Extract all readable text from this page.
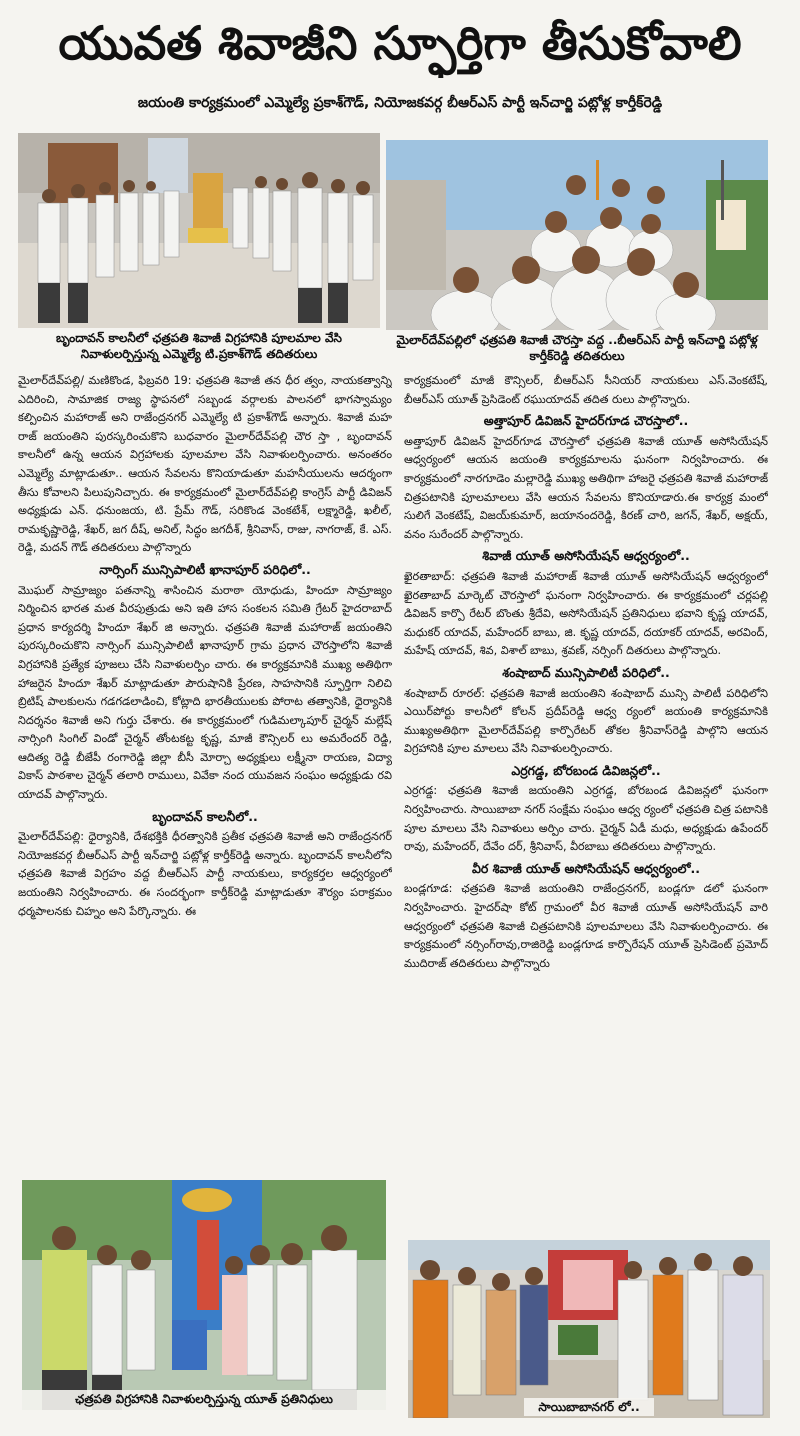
యువత శివాజీని స్ఫూర్తిగా తీసుకోవాలి
జయంతి కార్యక్రమంలో ఎమ్మెల్యే ప్రకాశ్‌గౌడ్, నియోజకవర్గ బీఆర్ఎస్ పార్టీ ఇన్‌చార్జి పట్లోళ్ల కార్తీక్‌రెడ్డి
బృందావన్ కాలనీలో ఛత్రపతి శివాజీ విగ్రహానికి పూలమాల వేసి నివాళులర్పిస్తున్న ఎమ్మెల్యే టి.ప్రకాశ్‌గౌడ్ తదితరులు
మైలార్‌దేవ్‌పల్లిలో ఛత్రపతి శివాజీ చౌరస్తా వద్ద ..బీఆర్ఎస్ పార్టీ ఇన్‌చార్జి పట్లోళ్ల కార్తీక్‌రెడ్డి తదితరులు

మైలార్‌దేవ్‌పల్లి/ మణికొండ, ఫిబ్రవరి 19: ఛత్రపతి శివాజీ తన ధీర త్వం, నాయకత్వాన్ని ఎదిరించి, సామాజిక రాజ్య స్థాపనలో సబ్బండ వర్గాలకు పాలనలో భాగస్వామ్యం కల్పించిన మహారాజ్ అని రాజేంద్రనగర్ ఎమ్మెల్యే టి ప్రకాశ్‌గౌడ్ అన్నారు. శివాజీ మహ రాజ్ జయంతిని పురస్కరించుకొని బుధవారం మైలార్‌దేవ్‌పల్లి చౌర స్తా , బృందావన్ కాలనీలో ఉన్న ఆయన విగ్రహాలకు పూలమాల వేసి నివాళులర్పించారు. అనంతరం ఎమ్మెల్యే మాట్లాడుతూ.. ఆయన సేవలను కొనియాడుతూ మహనీయులను ఆదర్శంగా తీసు కోవాలని పిలుపునిచ్చారు. ఈ కార్యక్రమంలో మైలార్‌దేవ్‌పల్లి కాంగ్రెస్ పార్టీ డివిజన్ అధ్యక్షుడు ఎన్. ధనుంజయ, టి. ప్రేమ్ గౌడ్, సరికొండ వెంకటేశ్, లక్ష్మారెడ్డి, ఖలీల్, రామకృష్ణారెడ్డి, శేఖర్, జగ దీష్, అనిల్, సిద్ధం జగదీశ్, శ్రీనివాస్, రాజు, నాగరాజ్, కే. ఎస్. రెడ్డి, మదన్ గౌడ్ తదితరులు పాల్గొన్నారు

నార్సింగ్ మున్సిపాలిటీ ఖానాపూర్ పరిధిలో..

మొఘల్ సామ్రాజ్యం పతనాన్ని శాసించిన మరాఠా యోధుడు, హిందూ సామ్రాజ్యం నిర్మించిన భారత మత వీరపుత్రుడు అని ఇతి హాస సంకలన సమితి గ్రేటర్ హైదరాబాద్ ప్రధాన కార్యదర్శి హిందూ శేఖర్ జి అన్నారు. ఛత్రపతి శివాజీ మహారాజ్ జయంతిని పురస్కరించుకొని నార్సింగ్ మున్సిపాలిటీ ఖానాపూర్ గ్రామ ప్రధాన చౌరస్తాలోని శివాజీ విగ్రహానికి ప్రత్యేక పూజలు చేసి నివాళులర్పిం చారు. ఈ కార్యక్రమానికి ముఖ్య అతిథిగా హాజరైన హిందూ శేఖర్ మాట్లాడుతూ పౌరుషానికి ప్రేరణ, సాహసానికి స్ఫూర్తిగా నిలిచి బ్రిటిష్ పాలకులను గడగడలాడించి, కోట్లాది భారతీయులకు పోరాట తత్వానికి, ధైర్యానికి నిదర్శనం శివాజీ అని గుర్తు చేశారు. ఈ కార్యక్రమంలో గుడిమల్కాపూర్ చైర్మన్ మల్లేష్ నార్సింగి సింగిల్ విండో చైర్మన్ తోంటకట్ట కృష్ణ, మాజీ కౌన్సిలర్ లు అమరేందర్ రెడ్డి, ఆదిత్య రెడ్డి బీజేపీ రంగారెడ్డి జిల్లా బీసీ మోర్చా అధ్యక్షులు లక్ష్మీనా రాయణ, విద్యా వికాస్ పాఠశాల చైర్మన్ తలారి రాములు, వివేకా నంద యువజన సంఘం అధ్యక్షుడు రవి యాదవ్ పాల్గొన్నారు.

బృందావన్ కాలనీలో..

మైలార్‌దేవ్‌పల్లి: ధైర్యానికి, దేశభక్తికి ధీరత్వానికి ప్రతీక ఛత్రపతి శివాజీ అని రాజేంద్రనగర్ నియోజకవర్గ బీఆర్ఎస్ పార్టీ ఇన్‌చార్జి పట్లోళ్ల కార్తీక్‌రెడ్డి అన్నారు. బృందావన్ కాలనీలోని ఛత్రపతి శివాజీ విగ్రహం వద్ద బీఆర్ఎస్ పార్టీ నాయకులు, కార్యకర్తల ఆధ్వర్యంలో జయంతిని నిర్వహించారు. ఈ సందర్భంగా కార్తీక్‌రెడ్డి మాట్లాడుతూ శౌర్యం పరాక్రమం ధర్మపాలనకు చిహ్నం అని పేర్కొన్నారు. ఈ

కార్యక్రమంలో మాజీ కౌన్సిలర్, బీఆర్ఎస్ సీనియర్ నాయకులు ఎస్.వెంకటేష్, బీఆర్ఎస్ యూత్ ప్రెసిడెంట్ రఘుయాదవ్ తదిత రులు పాల్గొన్నారు.

అత్తాపూర్ డివిజన్ హైదర్‌గూడ చౌరస్తాలో..

అత్తాపూర్ డివిజన్ హైదర్‌గూడ చౌరస్తాలో ఛత్రపతి శివాజీ యూత్ అసోసియేషన్ ఆధ్వర్యంలో ఆయన జయంతి కార్యక్రమాలను ఘనంగా నిర్వహించారు. ఈ కార్యక్రమంలో నారగూడెం మల్లారెడ్డి ముఖ్య అతిథిగా హాజరై ఛత్రపతి శివాజీ మహారాజ్ చిత్రపటానికి పూలమాలలు వేసి ఆయన సేవలను కొనియాడారు.ఈ కార్యక్ర మంలో సులిగే వెంకటేష్, విజయ్‌కుమార్, జయానందరెడ్డి, కిరణ్ చారి, జగన్, శేఖర్, అక్షయ్, వనం సురేందర్ పాల్గొన్నారు.

శివాజీ యూత్ అసోసియేషన్ ఆధ్వర్యంలో..

ఖైరతాబాద్: ఛత్రపతి శివాజీ మహారాజ్ శివాజీ యూత్ అసోసియేషన్ ఆధ్వర్యంలో ఖైరతాబాద్ మార్కెట్ చౌరస్తాలో ఘనంగా నిర్వహించారు. ఈ కార్యక్రమంలో చర్లపల్లి డివిజన్ కార్పొ రేటర్ బొంతు శ్రీదేవి, అసోసియేషన్ ప్రతినిధులు భవాని కృష్ణ యాదవ్, మధుకర్ యాదవ్, మహేందర్ బాబు, జి. కృష్ణ యాదవ్, దయాకర్ యాదవ్, అరవింద్, మహేష్ యాదవ్, శివ, విశాల్ బాబు, శ్రవణ్, నర్సింగ్ దితరులు పాల్గొన్నారు.

శంషాబాద్ మున్సిపాలిటీ పరిధిలో..

శంషాబాద్ రూరల్: ఛత్రపతి శివాజీ జయంతిని శంషాబాద్ మున్సి పాలిటీ పరిధిలోని ఎయిర్‌పోర్టు కాలనీలో కోలన్ ప్రదీప్‌రెడ్డి ఆధ్వ ర్యంలో జయంతి కార్యక్రమానికి ముఖ్యఅతిథిగా మైలార్‌దేవ్‌పల్లి కార్పొరేటర్ తోకల శ్రీనివాస్‌రెడ్డి పాల్గొని ఆయన విగ్రహానికి పూల మాలలు వేసి నివాళులర్పించారు.

ఎర్రగడ్డ, బోరబండ డివిజన్లలో..

ఎర్రగడ్డ: ఛత్రపతి శివాజీ జయంతిని ఎర్రగడ్డ, బోరబండ డివిజన్లలో ఘనంగా నిర్వహించారు. సాయిబాబా నగర్ సంక్షేమ సంఘం ఆధ్వ ర్యంలో ఛత్రపతి చిత్ర పటానికి పూల మాలలు వేసి నివాళులు అర్పిం చారు. చైర్మన్ ఏడీ మధు, అధ్యక్షుడు ఉపేందర్ రావు, మహేందర్, దేవేం దర్, శ్రీనివాస్, వీరబాబు తదితరులు పాల్గొన్నారు.

వీర శివాజీ యూత్ అసోసియేషన్ ఆధ్వర్యంలో..

బండ్లగూడ: ఛత్రపతి శివాజీ జయంతిని రాజేంద్రనగర్, బండ్లగూ డలో ఘనంగా నిర్వహించారు. హైదర్‌షా కోట్ గ్రామంలో వీర శివాజీ యూత్ అసోసియేషన్ వారి ఆధ్వర్యంలో ఛత్రపతి శివాజీ చిత్రపటానికి పూలమాలలు వేసి నివాళులర్పించారు. ఈ కార్యక్రమంలో నర్సింగ్‌రావు,రాజిరెడ్డి బండ్లగూడ కార్పొరేషన్ యూత్ ప్రెసిడెంట్ ప్రమోద్ ముదిరాజ్ తదితరులు పాల్గొన్నారు

ఛత్రపతి విగ్రహానికి నివాళులర్పిస్తున్న యూత్ ప్రతినిధులు
సాయిబాబానగర్ లో..
